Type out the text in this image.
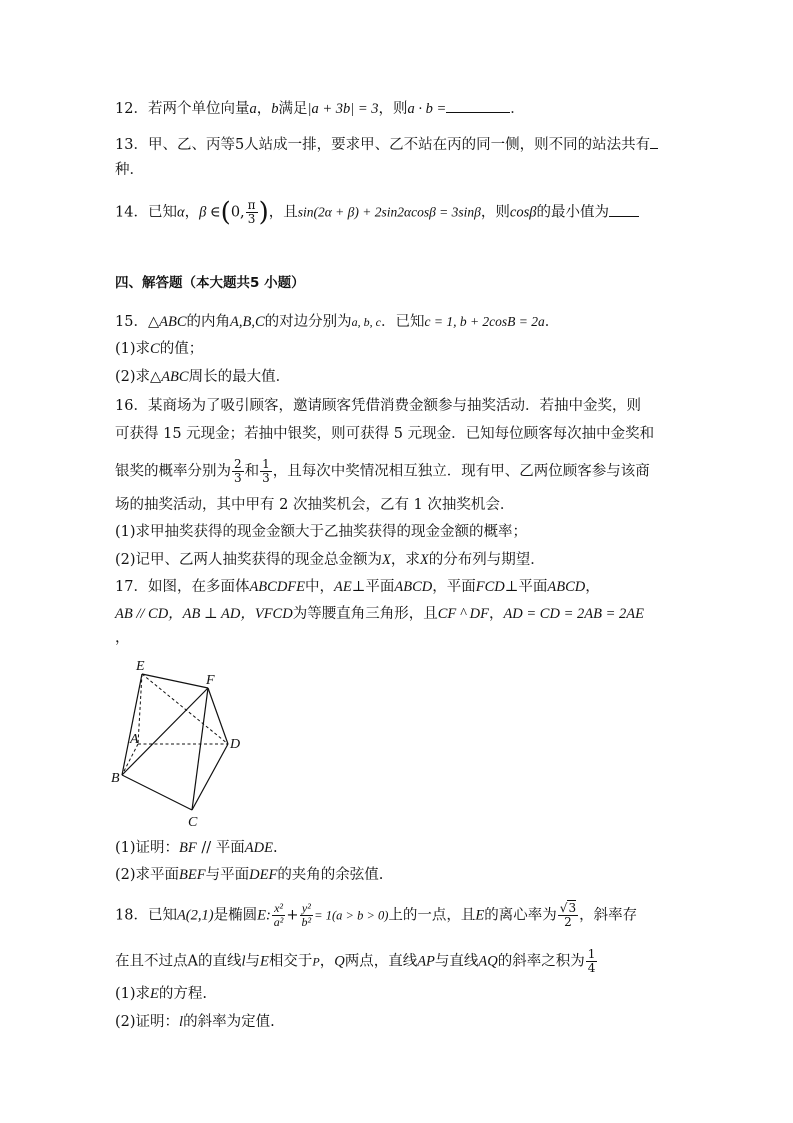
12．若两个单位向量a，b满足|a + 3b| = 3，则a · b =	．
13．甲、乙、丙等5人站成一排，要求甲、乙不站在丙的同一侧，则不同的站法共有
种．
14．已知α，β ∈(0, $\frac{\pi}{3}$ )，且sin(2α + β) + 2sin2αcosβ = 3sinβ，则cosβ的最小值为
四、解答题（本大题共5 小题）
15．△ABC的内角A,B,C的对边分别为a, b, c．已知c = 1, b + 2cosB = 2a．
(1)求C的值；
(2)求△ABC周长的最大值．
16．某商场为了吸引顾客，邀请顾客凭借消费金额参与抽奖活动．若抽中金奖，则
可获得 15 元现金；若抽中银奖，则可获得 5 元现金．已知每位顾客每次抽中金奖和
银奖的概率分别为 $\frac{2}{3}$ 和 $\frac{1}{3}$ ，且每次中奖情况相互独立．现有甲、乙两位顾客参与该商
场的抽奖活动，其中甲有 2 次抽奖机会，乙有 1 次抽奖机会．
(1)求甲抽奖获得的现金金额大于乙抽奖获得的现金金额的概率；
(2)记甲、乙两人抽奖获得的现金总金额为X，求X的分布列与期望．
17．如图，在多面体ABCDFE中，AE⊥平面ABCD，平面FCD⊥平面ABCD，
AB // CD，AB ⊥ AD，VFCD为等腰直角三角形，且CF ^ DF，AD = CD = 2AB = 2AE
，
E
F
A	D
B
C
(1)证明：BF // 平面ADE.
(2)求平面BEF与平面DEF的夹角的余弦值.
18．已知A(2,1)是椭圆E: $\frac{\text{x²}}{\text{a²}} + \frac{\text{y²}}{\text{b²}} = 1(a > b > 0)$上的一点，且E的离心率为 $\frac{√3}{2}$ ，斜率存
在且不过点A的直线l与E相交于P，Q两点，直线AP与直线AQ的斜率之积为 $\frac{1}{4}$
(1)求E的方程.
(2)证明：l的斜率为定值.
